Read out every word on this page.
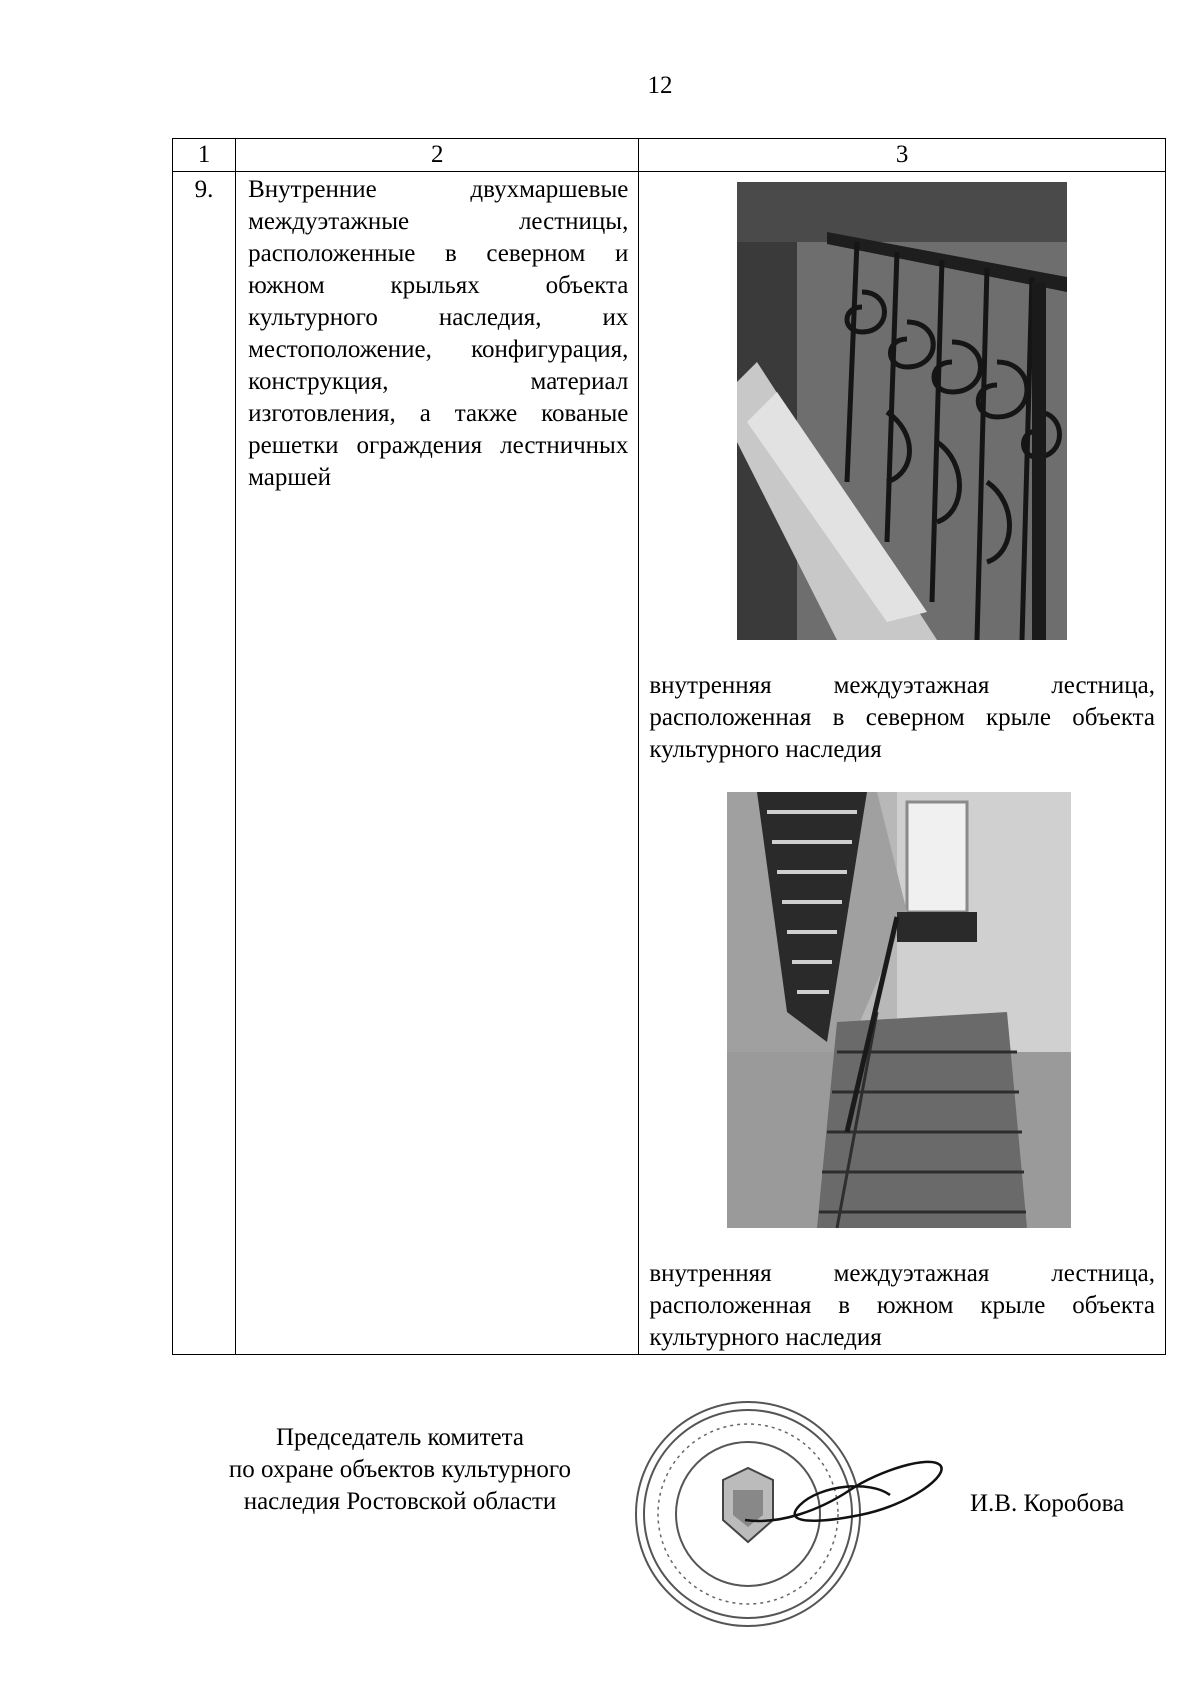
12
1	2	3
9.	Внутренние двухмаршевые междуэтажные лестницы, расположенные в северном и южном крыльях объекта культурного наследия, их местоположение, конфигурация, конструкция, материал изготовления, а также кованые решетки ограждения лестничных маршей	внутренняя междуэтажная лестница, расположенная в северном крыле объекта культурного наследия
внутренняя междуэтажная лестница, расположенная в южном крыле объекта культурного наследия
Председатель комитета
по охране объектов культурного
наследия Ростовской области	И.В. Коробова
